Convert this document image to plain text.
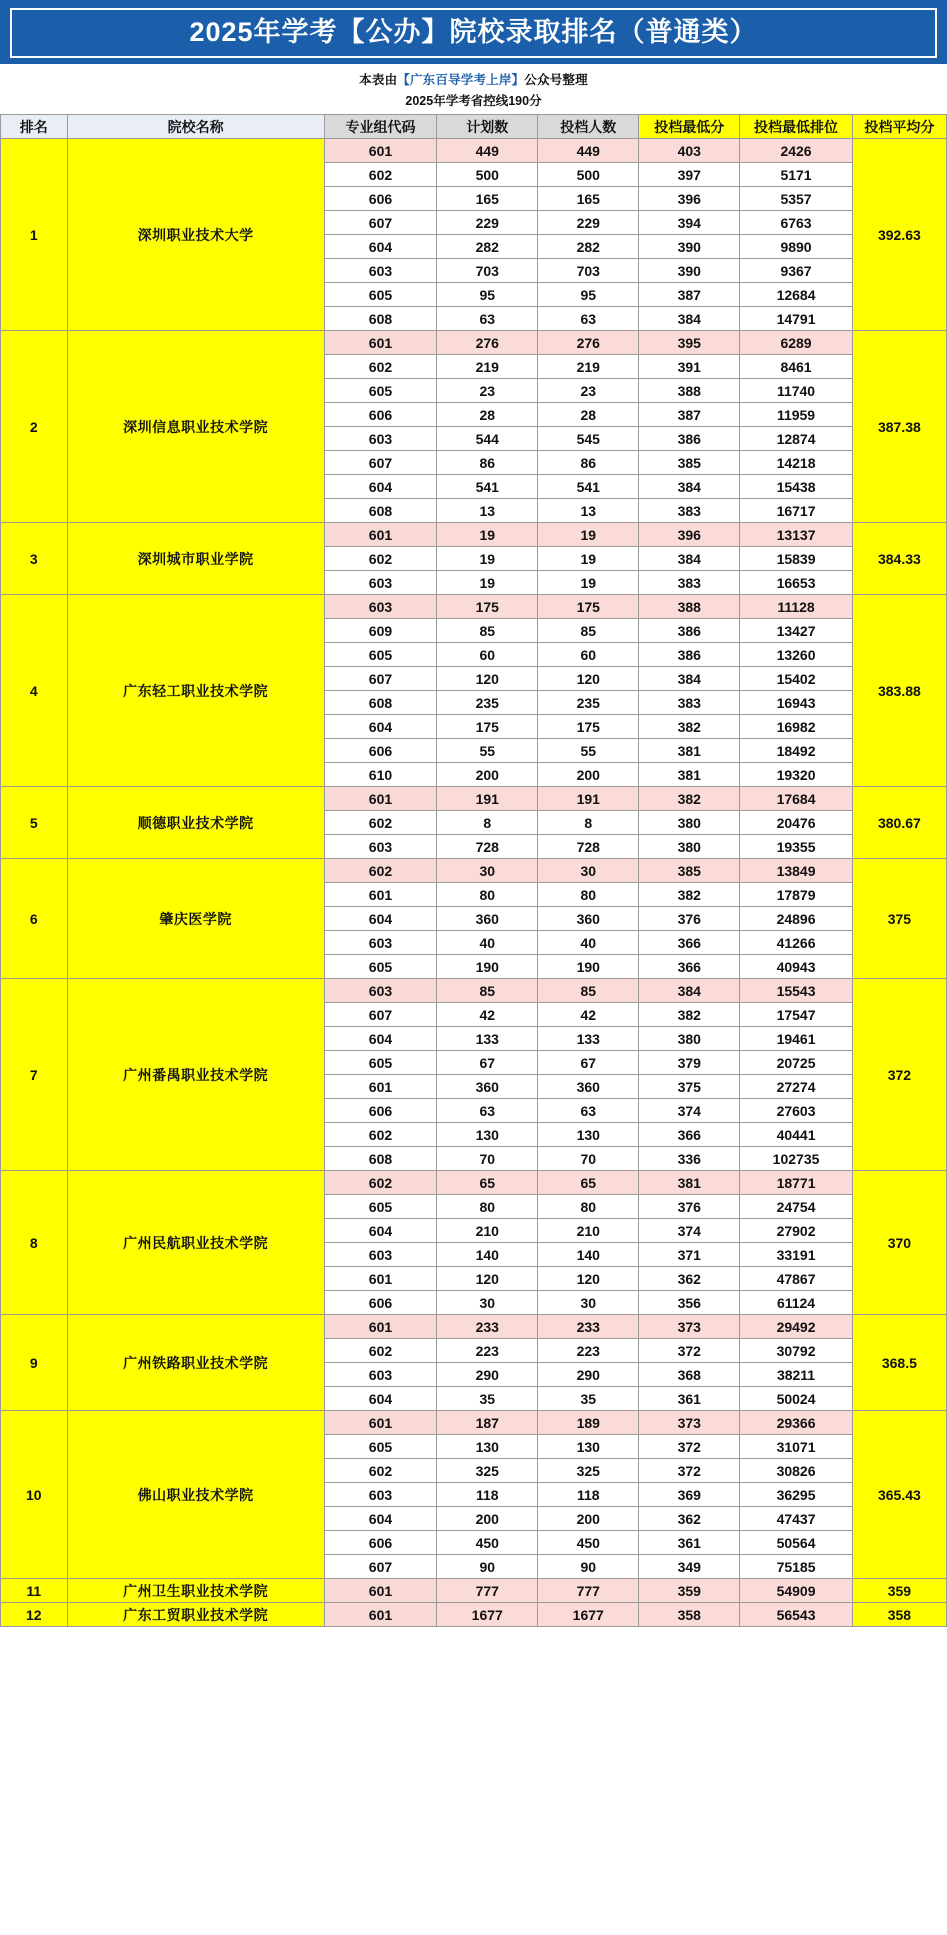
2025年学考【公办】院校录取排名（普通类）
本表由【广东百导学考上岸】公众号整理
2025年学考省控线190分
排名	院校名称	专业组代码	计划数	投档人数	投档最低分	投档最低排位	投档平均分
1	深圳职业技术大学	601	449	449	403	2426	392.63
		602	500	500	397	5171	
		606	165	165	396	5357	
		607	229	229	394	6763	
		604	282	282	390	9890	
		603	703	703	390	9367	
		605	95	95	387	12684	
		608	63	63	384	14791	
2	深圳信息职业技术学院	601	276	276	395	6289	387.38
		602	219	219	391	8461	
		605	23	23	388	11740	
		606	28	28	387	11959	
		603	544	545	386	12874	
		607	86	86	385	14218	
		604	541	541	384	15438	
		608	13	13	383	16717	
3	深圳城市职业学院	601	19	19	396	13137	384.33
		602	19	19	384	15839	
		603	19	19	383	16653	
4	广东轻工职业技术学院	603	175	175	388	11128	383.88
		609	85	85	386	13427	
		605	60	60	386	13260	
		607	120	120	384	15402	
		608	235	235	383	16943	
		604	175	175	382	16982	
		606	55	55	381	18492	
		610	200	200	381	19320	
5	顺德职业技术学院	601	191	191	382	17684	380.67
		602	8	8	380	20476	
		603	728	728	380	19355	
6	肇庆医学院	602	30	30	385	13849	375
		601	80	80	382	17879	
		604	360	360	376	24896	
		603	40	40	366	41266	
		605	190	190	366	40943	
7	广州番禺职业技术学院	603	85	85	384	15543	372
		607	42	42	382	17547	
		604	133	133	380	19461	
		605	67	67	379	20725	
		601	360	360	375	27274	
		606	63	63	374	27603	
		602	130	130	366	40441	
		608	70	70	336	102735	
8	广州民航职业技术学院	602	65	65	381	18771	370
		605	80	80	376	24754	
		604	210	210	374	27902	
		603	140	140	371	33191	
		601	120	120	362	47867	
		606	30	30	356	61124	
9	广州铁路职业技术学院	601	233	233	373	29492	368.5
		602	223	223	372	30792	
		603	290	290	368	38211	
		604	35	35	361	50024	
10	佛山职业技术学院	601	187	189	373	29366	365.43
		605	130	130	372	31071	
		602	325	325	372	30826	
		603	118	118	369	36295	
		604	200	200	362	47437	
		606	450	450	361	50564	
		607	90	90	349	75185	
11	广州卫生职业技术学院	601	777	777	359	54909	359
12	广东工贸职业技术学院	601	1677	1677	358	56543	358
